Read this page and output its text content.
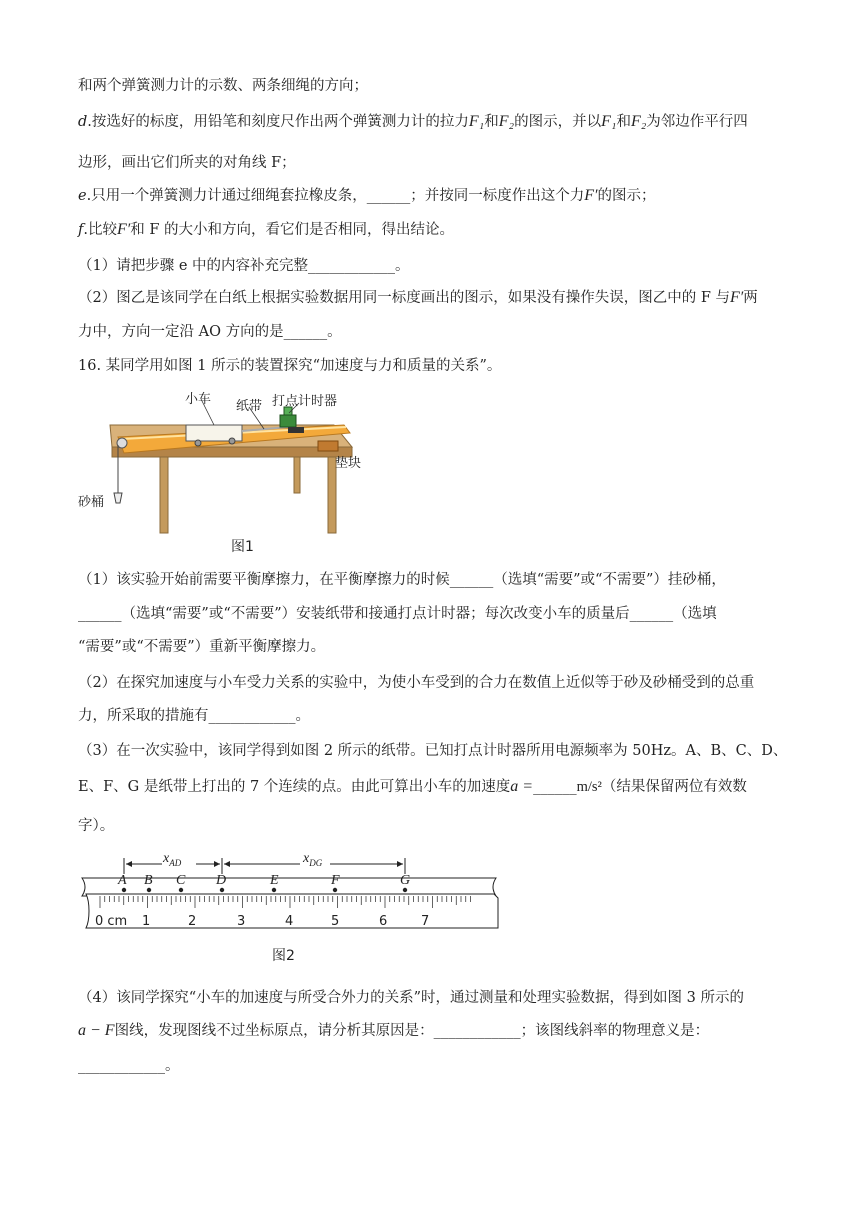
和两个弹簧测力计的示数、两条细绳的方向；
d.按选好的标度，用铅笔和刻度尺作出两个弹簧测力计的拉力F₁和F₂的图示，并以F₁和F₂为邻边作平行四
边形，画出它们所夹的对角线 F；
e.只用一个弹簧测力计通过细绳套拉橡皮条，______；并按同一标度作出这个力F′的图示；
f.比较F′和 F 的大小和方向，看它们是否相同，得出结论。
（1）请把步骤 e 中的内容补充完整____________。
（2）图乙是该同学在白纸上根据实验数据用同一标度画出的图示，如果没有操作失误，图乙中的 F 与F′两
力中，方向一定沿 AO 方向的是______。
16. 某同学用如图 1 所示的装置探究“加速度与力和质量的关系”。
小车 纸带 打点计时器
垫块
砂桶
图1
（1）该实验开始前需要平衡摩擦力，在平衡摩擦力的时候______（选填“需要”或“不需要”）挂砂桶，
______（选填“需要”或“不需要”）安装纸带和接通打点计时器；每次改变小车的质量后______（选填
“需要”或“不需要”）重新平衡摩擦力。
（2）在探究加速度与小车受力关系的实验中，为使小车受到的合力在数值上近似等于砂及砂桶受到的总重
力，所采取的措施有____________。
（3）在一次实验中，该同学得到如图 2 所示的纸带。已知打点计时器所用电源频率为 50Hz。A、B、C、D、
E、F、G 是纸带上打出的 7 个连续的点。由此可算出小车的加速度a =______m/s²（结果保留两位有效数
字）。
$x_{AD}$	$x_{DG}$
A B C D	E	F	G
0 cm 1	2	3	4	5	6	7
图2
（4）该同学探究“小车的加速度与所受合外力的关系”时，通过测量和处理实验数据，得到如图 3 所示的
a − F图线，发现图线不过坐标原点，请分析其原因是：____________；该图线斜率的物理意义是：
____________。
